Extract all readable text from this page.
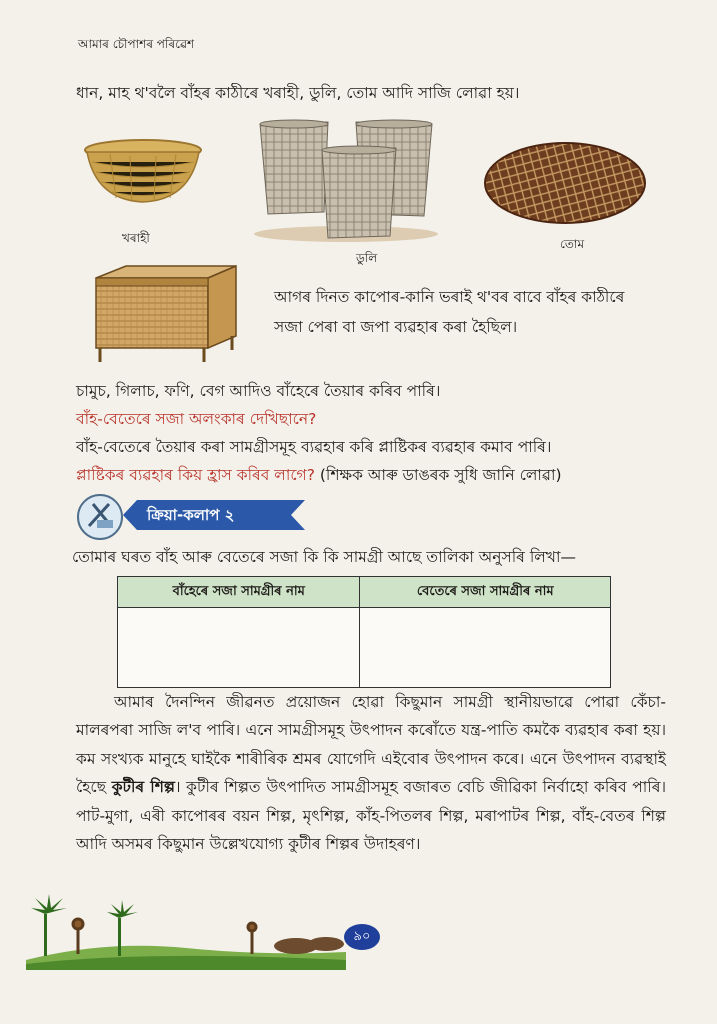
আমাৰ চৌপাশৰ পৰিৱেশ
ধান, মাহ থ'বলৈ বাঁহৰ কাঠীৰে খৰাহী, ডুলি, তোম আদি সাজি লোৱা হয়।
খৰাহী
ডুলি
তোম
আগৰ দিনত কাপোৰ-কানি ভৰাই থ'বৰ বাবে বাঁহৰ কাঠীৰে
সজা পেৰা বা জপা ব্যৱহাৰ কৰা হৈছিল।
চামুচ, গিলাচ, ফণি, বেগ আদিও বাঁহেৰে তৈয়াৰ কৰিব পাৰি।
বাঁহ-বেতেৰে সজা অলংকাৰ দেখিছানে?
বাঁহ-বেতেৰে তৈয়াৰ কৰা সামগ্ৰীসমূহ ব্যৱহাৰ কৰি প্লাষ্টিকৰ ব্যৱহাৰ কমাব পাৰি।
প্লাষ্টিকৰ ব্যৱহাৰ কিয় হ্ৰাস কৰিব লাগে? (শিক্ষক আৰু ডাঙৰক সুধি জানি লোৱা)
ক্ৰিয়া-কলাপ ২
তোমাৰ ঘৰত বাঁহ আৰু বেতেৰে সজা কি কি সামগ্ৰী আছে তালিকা অনুসৰি লিখা—
বাঁহেৰে সজা সামগ্ৰীৰ নাম	বেতেৰে সজা সামগ্ৰীৰ নাম

আমাৰ দৈনন্দিন জীৱনত প্ৰয়োজন হোৱা কিছুমান সামগ্ৰী স্থানীয়ভাৱে পোৱা কেঁচা-মালৰপৰা সাজি ল'ব পাৰি। এনে সামগ্ৰীসমূহ উৎপাদন কৰোঁতে যন্ত্ৰ-পাতি কমকৈ ব্যৱহাৰ কৰা হয়। কম সংখ্যক মানুহে ঘাইকৈ শাৰীৰিক শ্ৰমৰ যোগেদি এইবোৰ উৎপাদন কৰে। এনে উৎপাদন ব্যৱস্থাই হৈছে কুটীৰ শিল্প। কুটীৰ শিল্পত উৎপাদিত সামগ্ৰীসমূহ বজাৰত বেচি জীৱিকা নিৰ্বাহো কৰিব পাৰি। পাট-মুগা, এৰী কাপোৰৰ বয়ন শিল্প, মৃৎশিল্প, কাঁহ-পিতলৰ শিল্প, মৰাপাটৰ শিল্প, বাঁহ-বেতৰ শিল্প আদি অসমৰ কিছুমান উল্লেখযোগ্য কুটীৰ শিল্পৰ উদাহৰণ।
৯০
